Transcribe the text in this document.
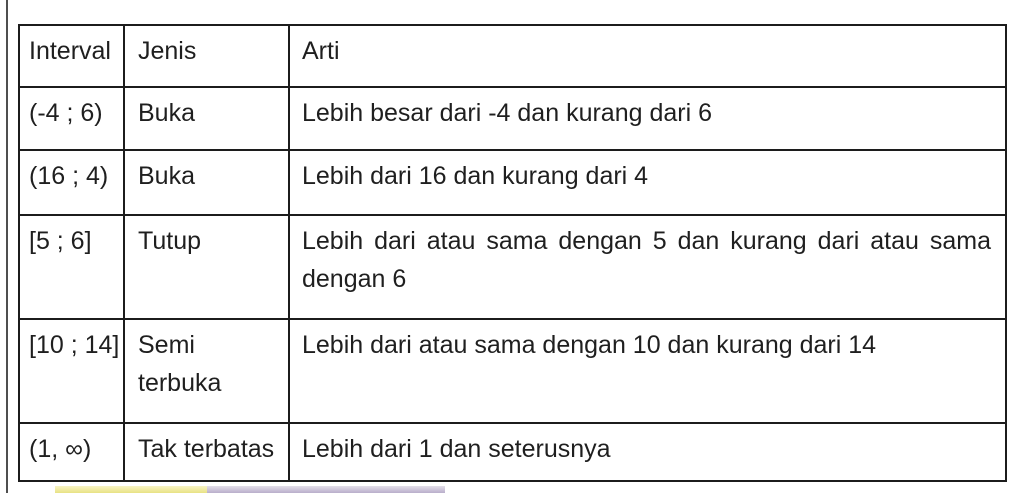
Interval	Jenis	Arti
(-4 ; 6)	Buka	Lebih besar dari -4 dan kurang dari 6
(16 ; 4)	Buka	Lebih dari 16 dan kurang dari 4
[5 ; 6]	Tutup	Lebih dari atau sama dengan 5 dan kurang dari atau sama dengan 6
[10 ; 14]	Semi terbuka	Lebih dari atau sama dengan 10 dan kurang dari 14
(1, ∞)	Tak terbatas	Lebih dari 1 dan seterusnya
